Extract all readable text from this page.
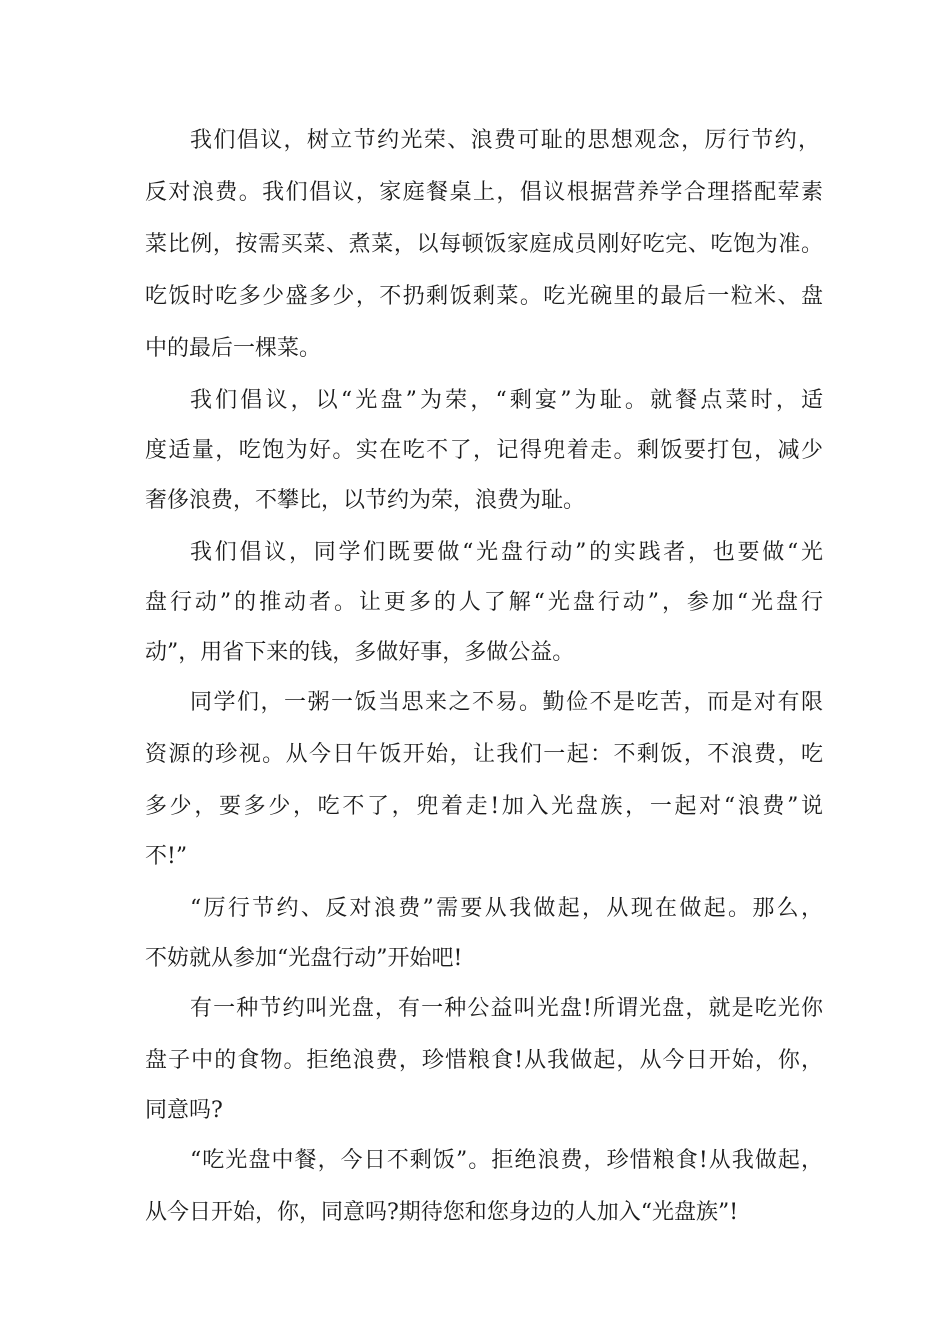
我们倡议，树立节约光荣、浪费可耻的思想观念，厉行节约，
反对浪费。我们倡议，家庭餐桌上，倡议根据营养学合理搭配荤素
菜比例，按需买菜、煮菜，以每顿饭家庭成员刚好吃完、吃饱为准。
吃饭时吃多少盛多少，不扔剩饭剩菜。吃光碗里的最后一粒米、盘
中的最后一棵菜。
我们倡议，以“光盘”为荣，“剩宴”为耻。就餐点菜时，适
度适量，吃饱为好。实在吃不了，记得兜着走。剩饭要打包，减少
奢侈浪费，不攀比，以节约为荣，浪费为耻。
我们倡议，同学们既要做“光盘行动”的实践者，也要做“光
盘行动”的推动者。让更多的人了解“光盘行动”，参加“光盘行
动”，用省下来的钱，多做好事，多做公益。
同学们，一粥一饭当思来之不易。勤俭不是吃苦，而是对有限
资源的珍视。从今日午饭开始，让我们一起：不剩饭，不浪费，吃
多少，要多少，吃不了，兜着走!加入光盘族，一起对“浪费”说
不!”
“厉行节约、反对浪费”需要从我做起，从现在做起。那么，
不妨就从参加“光盘行动”开始吧!
有一种节约叫光盘，有一种公益叫光盘!所谓光盘，就是吃光你
盘子中的食物。拒绝浪费，珍惜粮食!从我做起，从今日开始，你，
同意吗?
“吃光盘中餐，今日不剩饭”。拒绝浪费，珍惜粮食!从我做起，
从今日开始，你，同意吗?期待您和您身边的人加入“光盘族”!
